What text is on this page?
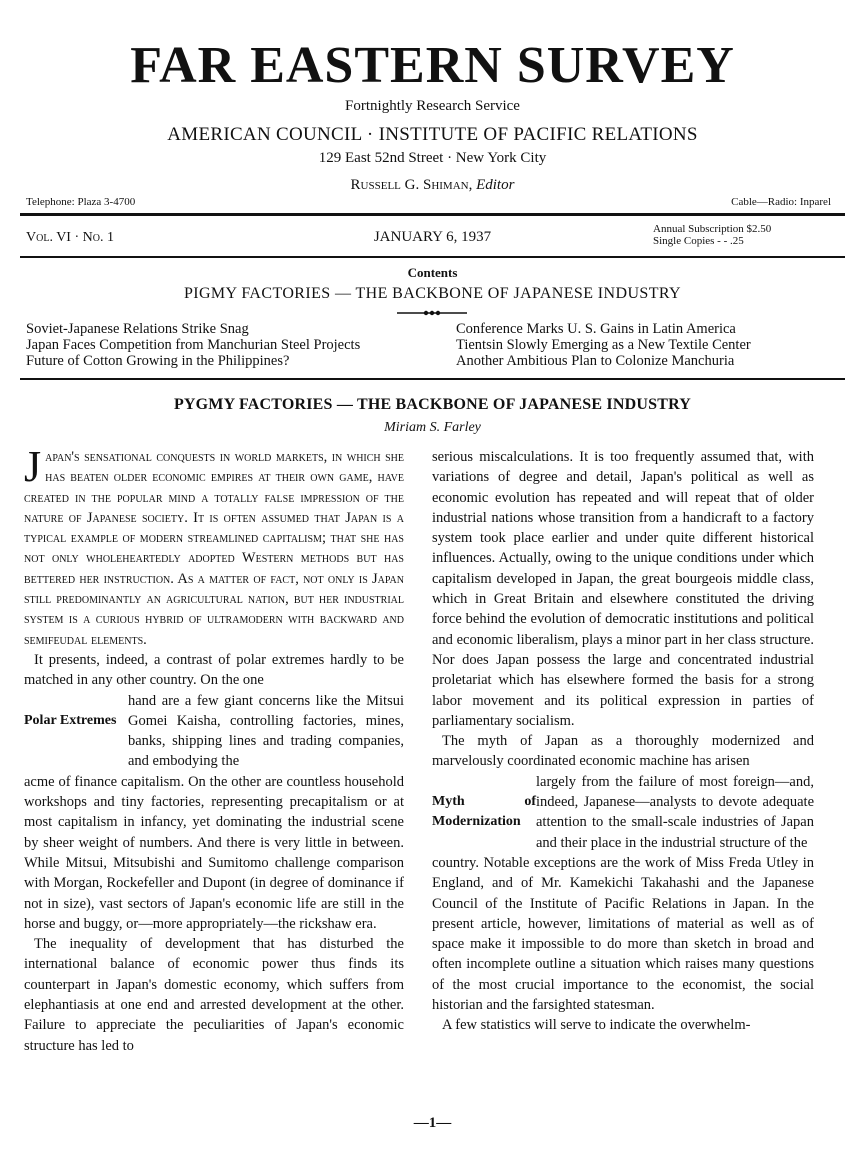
FAR EASTERN SURVEY
Fortnightly Research Service
AMERICAN COUNCIL · INSTITUTE OF PACIFIC RELATIONS
129 East 52nd Street · New York City
Russell G. Shiman, Editor
Telephone: Plaza 3-4700	Cable—Radio: Inparel
Vol. VI · No. 1	JANUARY 6, 1937	Annual Subscription $2.50
Single Copies - - .25
Contents
PIGMY FACTORIES — THE BACKBONE OF JAPANESE INDUSTRY
Soviet-Japanese Relations Strike Snag
Japan Faces Competition from Manchurian Steel Projects
Future of Cotton Growing in the Philippines?
Conference Marks U. S. Gains in Latin America
Tientsin Slowly Emerging as a New Textile Center
Another Ambitious Plan to Colonize Manchuria
PYGMY FACTORIES — THE BACKBONE OF JAPANESE INDUSTRY
Miriam S. Farley

Japan's sensational conquests in world markets, in which she has beaten older economic empires at their own game, have created in the popular mind a totally false impression of the nature of Japanese society. It is often assumed that Japan is a typical example of modern streamlined capitalism; that she has not only wholeheartedly adopted Western methods but has bettered her instruction. As a matter of fact, not only is Japan still predominantly an agricultural nation, but her industrial system is a curious hybrid of ultramodern with backward and semifeudal elements.

It presents, indeed, a contrast of polar extremes hardly to be matched in any other country. On the one

Polar Extremes
hand are a few giant concerns like the Mitsui Gomei Kaisha, controlling factories, mines, banks, shipping lines and trading companies, and embodying the

acme of finance capitalism. On the other are countless household workshops and tiny factories, representing precapitalism or at most capitalism in infancy, yet dominating the industrial scene by sheer weight of numbers. And there is very little in between. While Mitsui, Mitsubishi and Sumitomo challenge comparison with Morgan, Rockefeller and Dupont (in degree of dominance if not in size), vast sectors of Japan's economic life are still in the horse and buggy, or—more appropriately—the rickshaw era.

The inequality of development that has disturbed the international balance of economic power thus finds its counterpart in Japan's domestic economy, which suffers from elephantiasis at one end and arrested development at the other. Failure to appreciate the peculiarities of Japan's economic structure has led to

serious miscalculations. It is too frequently assumed that, with variations of degree and detail, Japan's political as well as economic evolution has repeated and will repeat that of older industrial nations whose transition from a handicraft to a factory system took place earlier and under quite different historical influences. Actually, owing to the unique conditions under which capitalism developed in Japan, the great bourgeois middle class, which in Great Britain and elsewhere constituted the driving force behind the evolution of democratic institutions and political and economic liberalism, plays a minor part in her class structure. Nor does Japan possess the large and concentrated industrial proletariat which has elsewhere formed the basis for a strong labor movement and its political expression in parties of parliamentary socialism.

The myth of Japan as a thoroughly modernized and marvelously coordinated economic machine has arisen

Myth of Modernization
largely from the failure of most foreign—and, indeed, Japanese—analysts to devote adequate attention to the small-scale industries of Japan and their place in the industrial structure of the

country. Notable exceptions are the work of Miss Freda Utley in England, and of Mr. Kamekichi Takahashi and the Japanese Council of the Institute of Pacific Relations in Japan. In the present article, however, limitations of material as well as of space make it impossible to do more than sketch in broad and often incomplete outline a situation which raises many questions of the most crucial importance to the economist, the social historian and the farsighted statesman.

A few statistics will serve to indicate the overwhelm-

—1—
